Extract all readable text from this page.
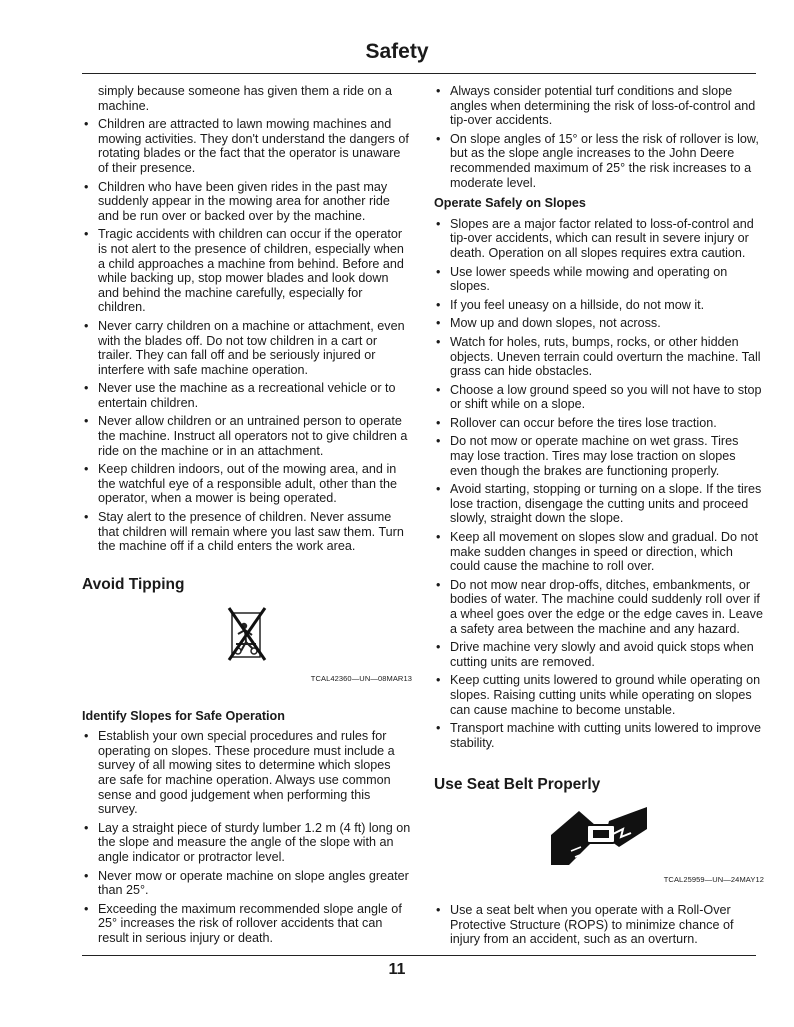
Safety

simply because someone has given them a ride on a machine.

• Children are attracted to lawn mowing machines and mowing activities. They don't understand the dangers of rotating blades or the fact that the operator is unaware of their presence.
• Children who have been given rides in the past may suddenly appear in the mowing area for another ride and be run over or backed over by the machine.
• Tragic accidents with children can occur if the operator is not alert to the presence of children, especially when a child approaches a machine from behind. Before and while backing up, stop mower blades and look down and behind the machine carefully, especially for children.
• Never carry children on a machine or attachment, even with the blades off. Do not tow children in a cart or trailer. They can fall off and be seriously injured or interfere with safe machine operation.
• Never use the machine as a recreational vehicle or to entertain children.
• Never allow children or an untrained person to operate the machine. Instruct all operators not to give children a ride on the machine or in an attachment.
• Keep children indoors, out of the mowing area, and in the watchful eye of a responsible adult, other than the operator, when a mower is being operated.
• Stay alert to the presence of children. Never assume that children will remain where you last saw them. Turn the machine off if a child enters the work area.
Avoid Tipping

TCAL42360—UN—08MAR13

Identify Slopes for Safe Operation
• Establish your own special procedures and rules for operating on slopes. These procedure must include a survey of all mowing sites to determine which slopes are safe for machine operation. Always use common sense and good judgement when performing this survey.
• Lay a straight piece of sturdy lumber 1.2 m (4 ft) long on the slope and measure the angle of the slope with an angle indicator or protractor level.
• Never mow or operate machine on slope angles greater than 25°.
• Exceeding the maximum recommended slope angle of 25° increases the risk of rollover accidents that can result in serious injury or death.
• Always consider potential turf conditions and slope angles when determining the risk of loss-of-control and tip-over accidents.
• On slope angles of 15° or less the risk of rollover is low, but as the slope angle increases to the John Deere recommended maximum of 25° the risk increases to a moderate level.
Operate Safely on Slopes
• Slopes are a major factor related to loss-of-control and tip-over accidents, which can result in severe injury or death. Operation on all slopes requires extra caution.
• Use lower speeds while mowing and operating on slopes.
• If you feel uneasy on a hillside, do not mow it.
• Mow up and down slopes, not across.
• Watch for holes, ruts, bumps, rocks, or other hidden objects. Uneven terrain could overturn the machine. Tall grass can hide obstacles.
• Choose a low ground speed so you will not have to stop or shift while on a slope.
• Rollover can occur before the tires lose traction.
• Do not mow or operate machine on wet grass. Tires may lose traction. Tires may lose traction on slopes even though the brakes are functioning properly.
• Avoid starting, stopping or turning on a slope. If the tires lose traction, disengage the cutting units and proceed slowly, straight down the slope.
• Keep all movement on slopes slow and gradual. Do not make sudden changes in speed or direction, which could cause the machine to roll over.
• Do not mow near drop-offs, ditches, embankments, or bodies of water. The machine could suddenly roll over if a wheel goes over the edge or the edge caves in. Leave a safety area between the machine and any hazard.
• Drive machine very slowly and avoid quick stops when cutting units are removed.
• Keep cutting units lowered to ground while operating on slopes. Raising cutting units while operating on slopes can cause machine to become unstable.
• Transport machine with cutting units lowered to improve stability.
Use Seat Belt Properly

TCAL25959—UN—24MAY12

• Use a seat belt when you operate with a Roll-Over Protective Structure (ROPS) to minimize chance of injury from an accident, such as an overturn.
11
